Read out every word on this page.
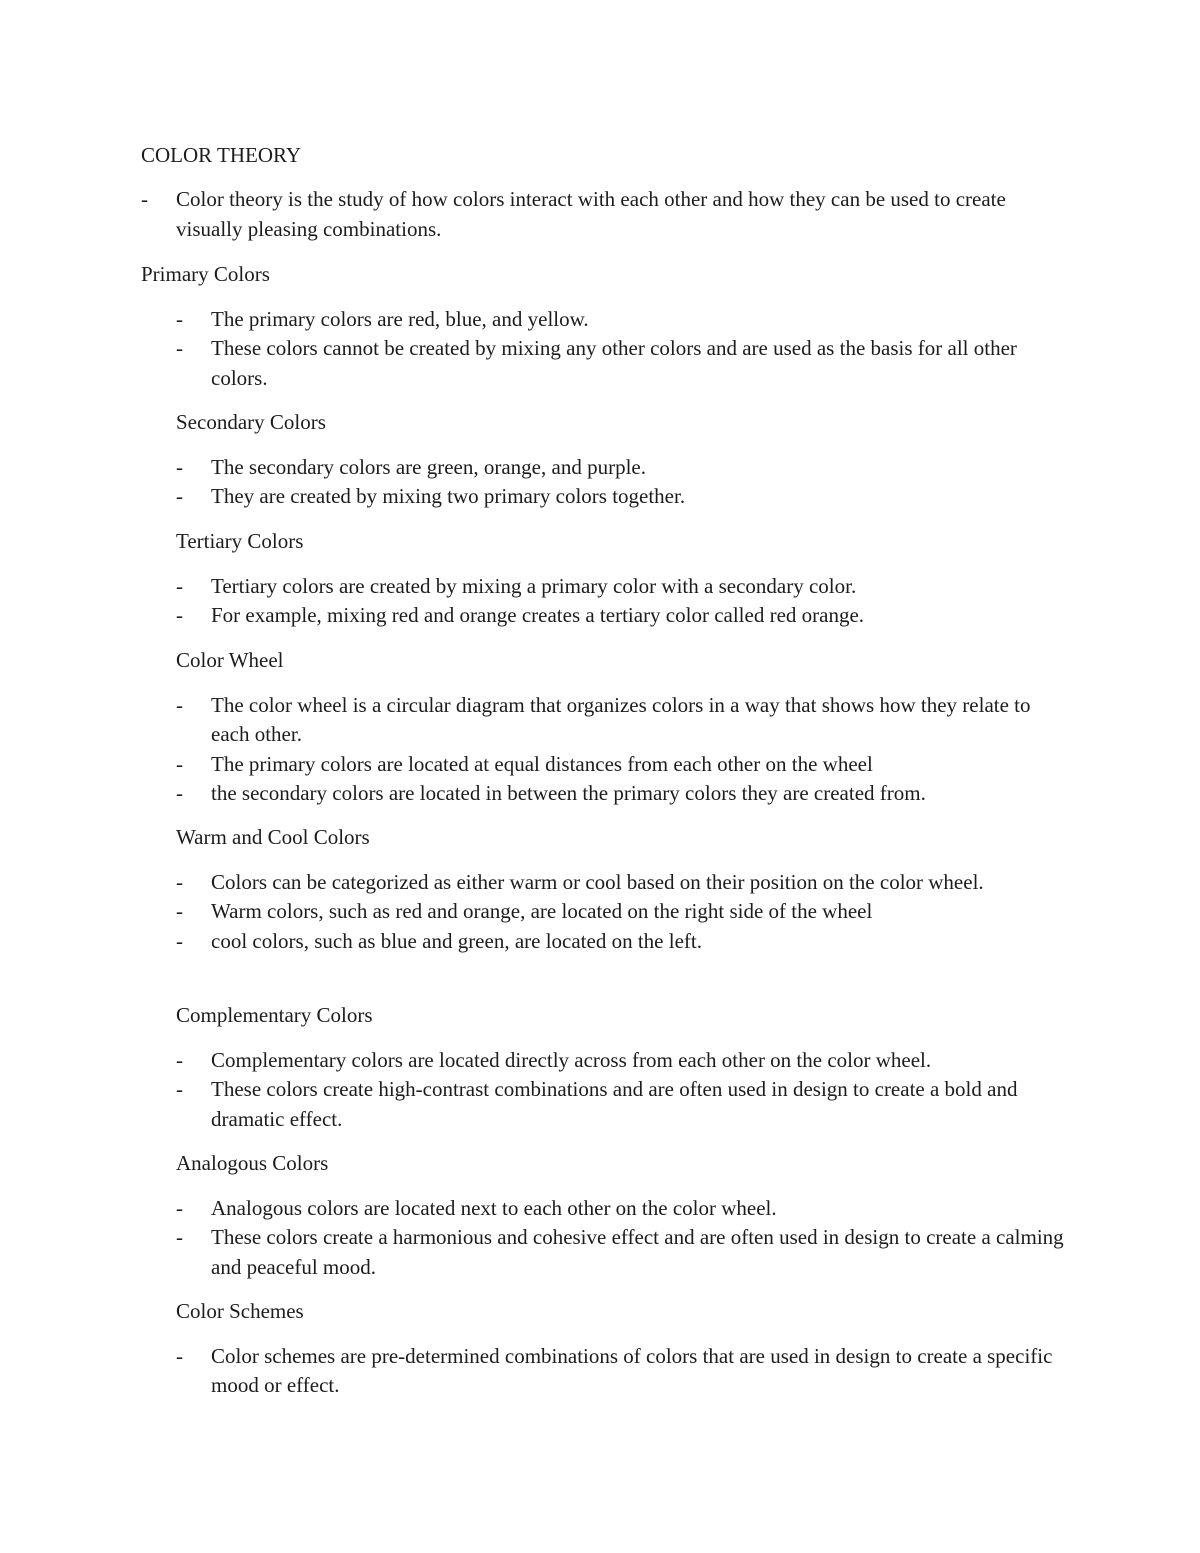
COLOR THEORY
- Color theory is the study of how colors interact with each other and how they can be used to create visually pleasing combinations.
Primary Colors
- The primary colors are red, blue, and yellow.
- These colors cannot be created by mixing any other colors and are used as the basis for all other colors.
Secondary Colors
- The secondary colors are green, orange, and purple.
- They are created by mixing two primary colors together.
Tertiary Colors
- Tertiary colors are created by mixing a primary color with a secondary color.
- For example, mixing red and orange creates a tertiary color called red orange.
Color Wheel
- The color wheel is a circular diagram that organizes colors in a way that shows how they relate to each other.
- The primary colors are located at equal distances from each other on the wheel
- the secondary colors are located in between the primary colors they are created from.
Warm and Cool Colors
- Colors can be categorized as either warm or cool based on their position on the color wheel.
- Warm colors, such as red and orange, are located on the right side of the wheel
- cool colors, such as blue and green, are located on the left.
Complementary Colors
- Complementary colors are located directly across from each other on the color wheel.
- These colors create high-contrast combinations and are often used in design to create a bold and dramatic effect.
Analogous Colors
- Analogous colors are located next to each other on the color wheel.
- These colors create a harmonious and cohesive effect and are often used in design to create a calming and peaceful mood.
Color Schemes
- Color schemes are pre-determined combinations of colors that are used in design to create a specific mood or effect.
